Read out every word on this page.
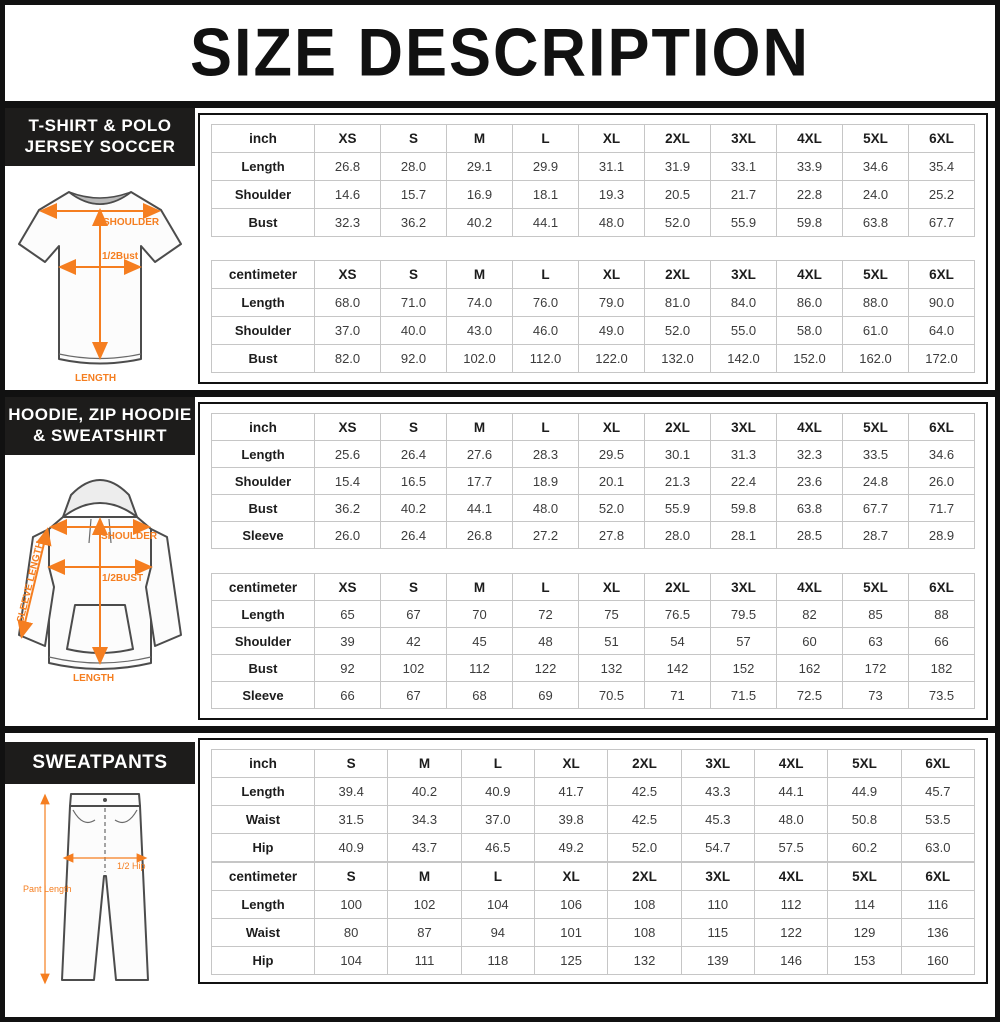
SIZE DESCRIPTION
T-SHIRT & POLO
JERSEY SOCCER
SHOULDER
1/2Bust
LENGTH
inch	XS	S	M	L	XL	2XL	3XL	4XL	5XL	6XL
Length	26.8	28.0	29.1	29.9	31.1	31.9	33.1	33.9	34.6	35.4
Shoulder	14.6	15.7	16.9	18.1	19.3	20.5	21.7	22.8	24.0	25.2
Bust	32.3	36.2	40.2	44.1	48.0	52.0	55.9	59.8	63.8	67.7
centimeter	XS	S	M	L	XL	2XL	3XL	4XL	5XL	6XL
Length	68.0	71.0	74.0	76.0	79.0	81.0	84.0	86.0	88.0	90.0
Shoulder	37.0	40.0	43.0	46.0	49.0	52.0	55.0	58.0	61.0	64.0
Bust	82.0	92.0	102.0	112.0	122.0	132.0	142.0	152.0	162.0	172.0
HOODIE, ZIP HOODIE
& SWEATSHIRT
SHOULDER
1/2BUST
LENGTH
SLEEVE LENGTH
inch	XS	S	M	L	XL	2XL	3XL	4XL	5XL	6XL
Length	25.6	26.4	27.6	28.3	29.5	30.1	31.3	32.3	33.5	34.6
Shoulder	15.4	16.5	17.7	18.9	20.1	21.3	22.4	23.6	24.8	26.0
Bust	36.2	40.2	44.1	48.0	52.0	55.9	59.8	63.8	67.7	71.7
Sleeve	26.0	26.4	26.8	27.2	27.8	28.0	28.1	28.5	28.7	28.9
centimeter	XS	S	M	L	XL	2XL	3XL	4XL	5XL	6XL
Length	65	67	70	72	75	76.5	79.5	82	85	88
Shoulder	39	42	45	48	51	54	57	60	63	66
Bust	92	102	112	122	132	142	152	162	172	182
Sleeve	66	67	68	69	70.5	71	71.5	72.5	73	73.5
SWEATPANTS
1/2 Hip
Pant Length
inch	S	M	L	XL	2XL	3XL	4XL	5XL	6XL
Length	39.4	40.2	40.9	41.7	42.5	43.3	44.1	44.9	45.7
Waist	31.5	34.3	37.0	39.8	42.5	45.3	48.0	50.8	53.5
Hip	40.9	43.7	46.5	49.2	52.0	54.7	57.5	60.2	63.0
centimeter	S	M	L	XL	2XL	3XL	4XL	5XL	6XL
Length	100	102	104	106	108	110	112	114	116
Waist	80	87	94	101	108	115	122	129	136
Hip	104	111	118	125	132	139	146	153	160
